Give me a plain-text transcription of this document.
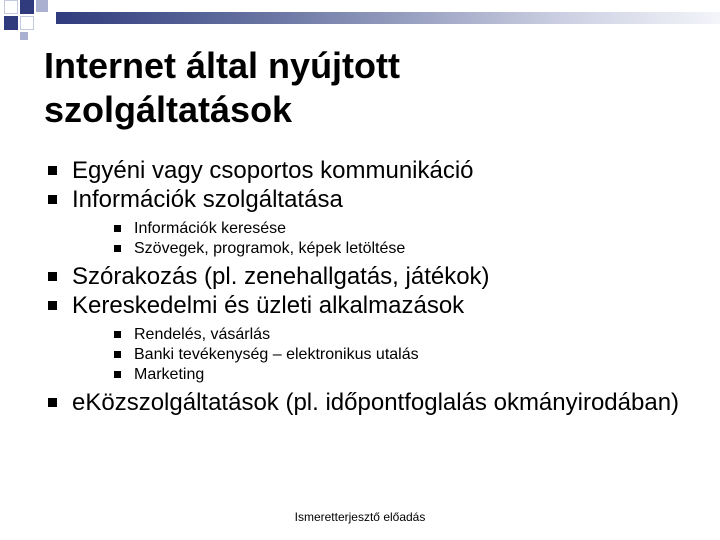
Internet által nyújtott
szolgáltatások
Egyéni vagy csoportos kommunikáció
Információk szolgáltatása
Információk keresése
Szövegek, programok, képek letöltése
Szórakozás (pl. zenehallgatás, játékok)
Kereskedelmi és üzleti alkalmazások
Rendelés, vásárlás
Banki tevékenység – elektronikus utalás
Marketing
eKözszolgáltatások (pl. időpontfoglalás okmányirodában)
Ismeretterjesztő előadás
